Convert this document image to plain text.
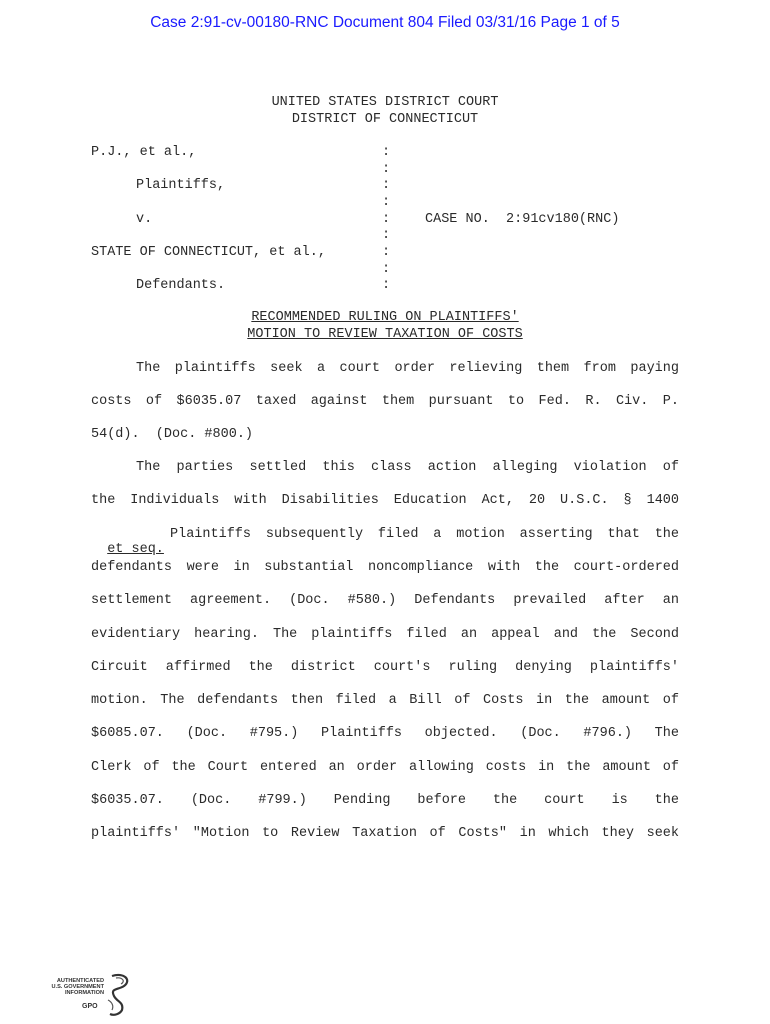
Case 2:91-cv-00180-RNC Document 804 Filed 03/31/16 Page 1 of 5
UNITED STATES DISTRICT COURT
DISTRICT OF CONNECTICUT
P.J., et al.,
Plaintiffs,
v.
STATE OF CONNECTICUT, et al.,
Defendants.
:
:
:
:
:
:
:
:
:
CASE NO.  2:91cv180(RNC)
RECOMMENDED RULING ON PLAINTIFFS'
MOTION TO REVIEW TAXATION OF COSTS
The plaintiffs seek a court order relieving them from paying
costs of $6035.07 taxed against them pursuant to Fed. R. Civ. P.
54(d).  (Doc. #800.)
The parties settled this class action alleging violation of
the Individuals with Disabilities Education Act, 20 U.S.C. § 1400

et seq.

Plaintiffs subsequently filed a motion asserting that the
defendants were in substantial noncompliance with the court-ordered
settlement agreement. (Doc. #580.) Defendants prevailed after an
evidentiary hearing. The plaintiffs filed an appeal and the Second
Circuit affirmed the district court's ruling denying plaintiffs'
motion. The defendants then filed a Bill of Costs in the amount of
$6085.07. (Doc. #795.) Plaintiffs objected. (Doc. #796.) The
Clerk of the Court entered an order allowing costs in the amount of
$6035.07. (Doc. #799.) Pending before the court is the
plaintiffs' "Motion to Review Taxation of Costs" in which they seek
AUTHENTICATED
U.S. GOVERNMENT
INFORMATION
GPO
